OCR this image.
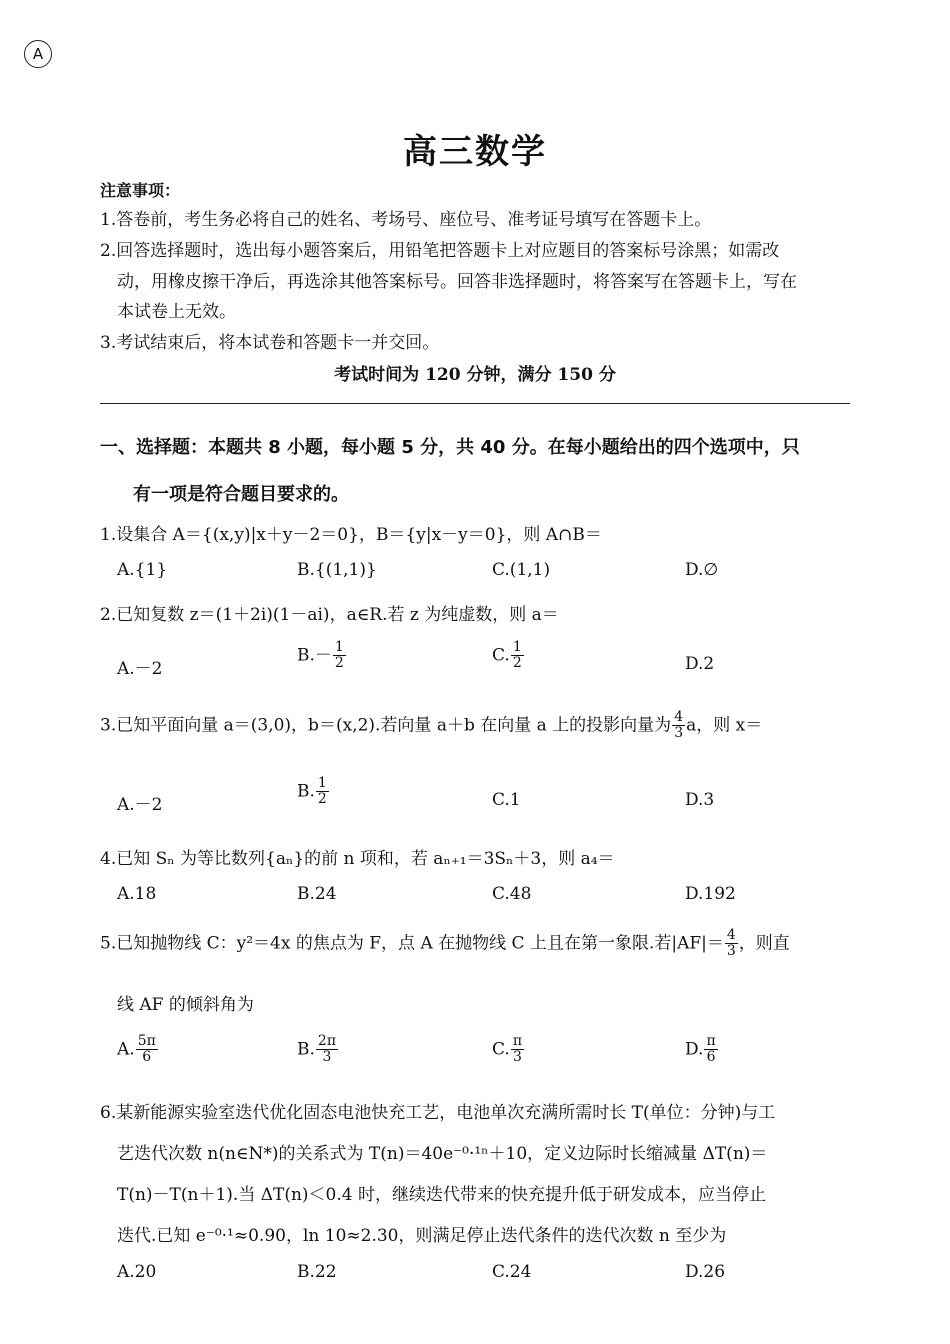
A
高三数学
注意事项：
1.答卷前，考生务必将自己的姓名、考场号、座位号、准考证号填写在答题卡上。
2.回答选择题时，选出每小题答案后，用铅笔把答题卡上对应题目的答案标号涂黑；如需改
动，用橡皮擦干净后，再选涂其他答案标号。回答非选择题时，将答案写在答题卡上，写在
本试卷上无效。
3.考试结束后，将本试卷和答题卡一并交回。
考试时间为 120 分钟，满分 150 分
一、选择题：本题共 8 小题，每小题 5 分，共 40 分。在每小题给出的四个选项中，只
有一项是符合题目要求的。
1.设集合 A＝{(x,y)|x＋y－2＝0}，B＝{y|x－y＝0}，则 A∩B＝
A.{1}	B.{(1,1)}	C.(1,1)	D.∅
2.已知复数 z＝(1＋2i)(1－ai)，a∈R.若 z 为纯虚数，则 a＝
A.－2
$B.- \frac{1}{2}$	C. $\frac{1}{2}$	D.2
3.已知平面向量 a＝(3,0)，b＝(x,2).若向量 a＋b 在向量 a 上的投影向量为 $\frac{4}{3}$ a，则 x＝
A.－2
B. $\frac{1}{2}$	C.1	D.3
4.已知 Sₙ 为等比数列{aₙ}的前 n 项和，若 aₙ₊₁＝3Sₙ＋3，则 a₄＝
A.18	B.24	C.48	D.192
5.已知抛物线 C：y²＝4x 的焦点为 F，点 A 在抛物线 C 上且在第一象限.若$|AF|= \frac{4}{3}$ ，则直
线 AF 的倾斜角为
A. $\frac{5\pi}{6}$	B. $\frac{2\pi}{3}$	C. $\frac{\pi}{3}$	D. $\frac{\pi}{6}$
6.某新能源实验室迭代优化固态电池快充工艺，电池单次充满所需时长 T(单位：分钟)与工
艺迭代次数 n(n∈N*)的关系式为 T(n)＝40e⁻⁰·¹ⁿ＋10，定义边际时长缩减量 ΔT(n)＝
T(n)－T(n＋1).当 ΔT(n)＜0.4 时，继续迭代带来的快充提升低于研发成本，应当停止
迭代.已知 e⁻⁰·¹≈0.90，ln 10≈2.30，则满足停止迭代条件的迭代次数 n 至少为
A.20	B.22	C.24	D.26
